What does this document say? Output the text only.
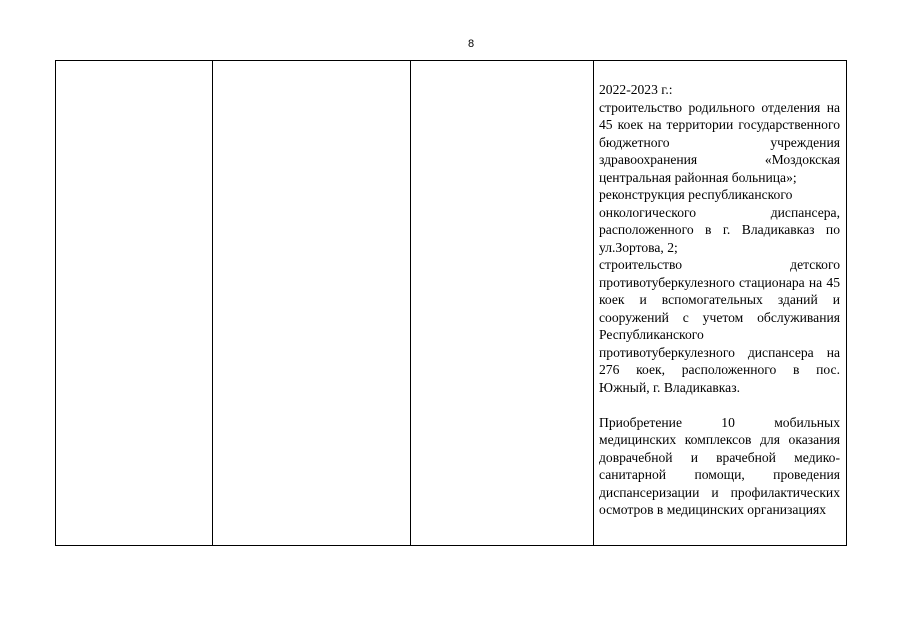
8

2022-2023 г.:

строительство родильного отделения на 45 коек на территории государственного бюджетного учреждения здравоохранения «Моздокская центральная районная больница»;

реконструкция республиканского

онкологического диспансера, расположенного в г. Владикавказ по ул.Зортова, 2;

строительство детского противотуберкулезного стационара на 45 коек и вспомогательных зданий и сооружений с учетом обслуживания Республиканского противотуберкулезного диспансера на 276 коек, расположенного в пос. Южный, г. Владикавказ.

Приобретение 10 мобильных медицинских комплексов для оказания доврачебной и врачебной медико-санитарной помощи, проведения диспансеризации и профилактических осмотров в медицинских организациях
